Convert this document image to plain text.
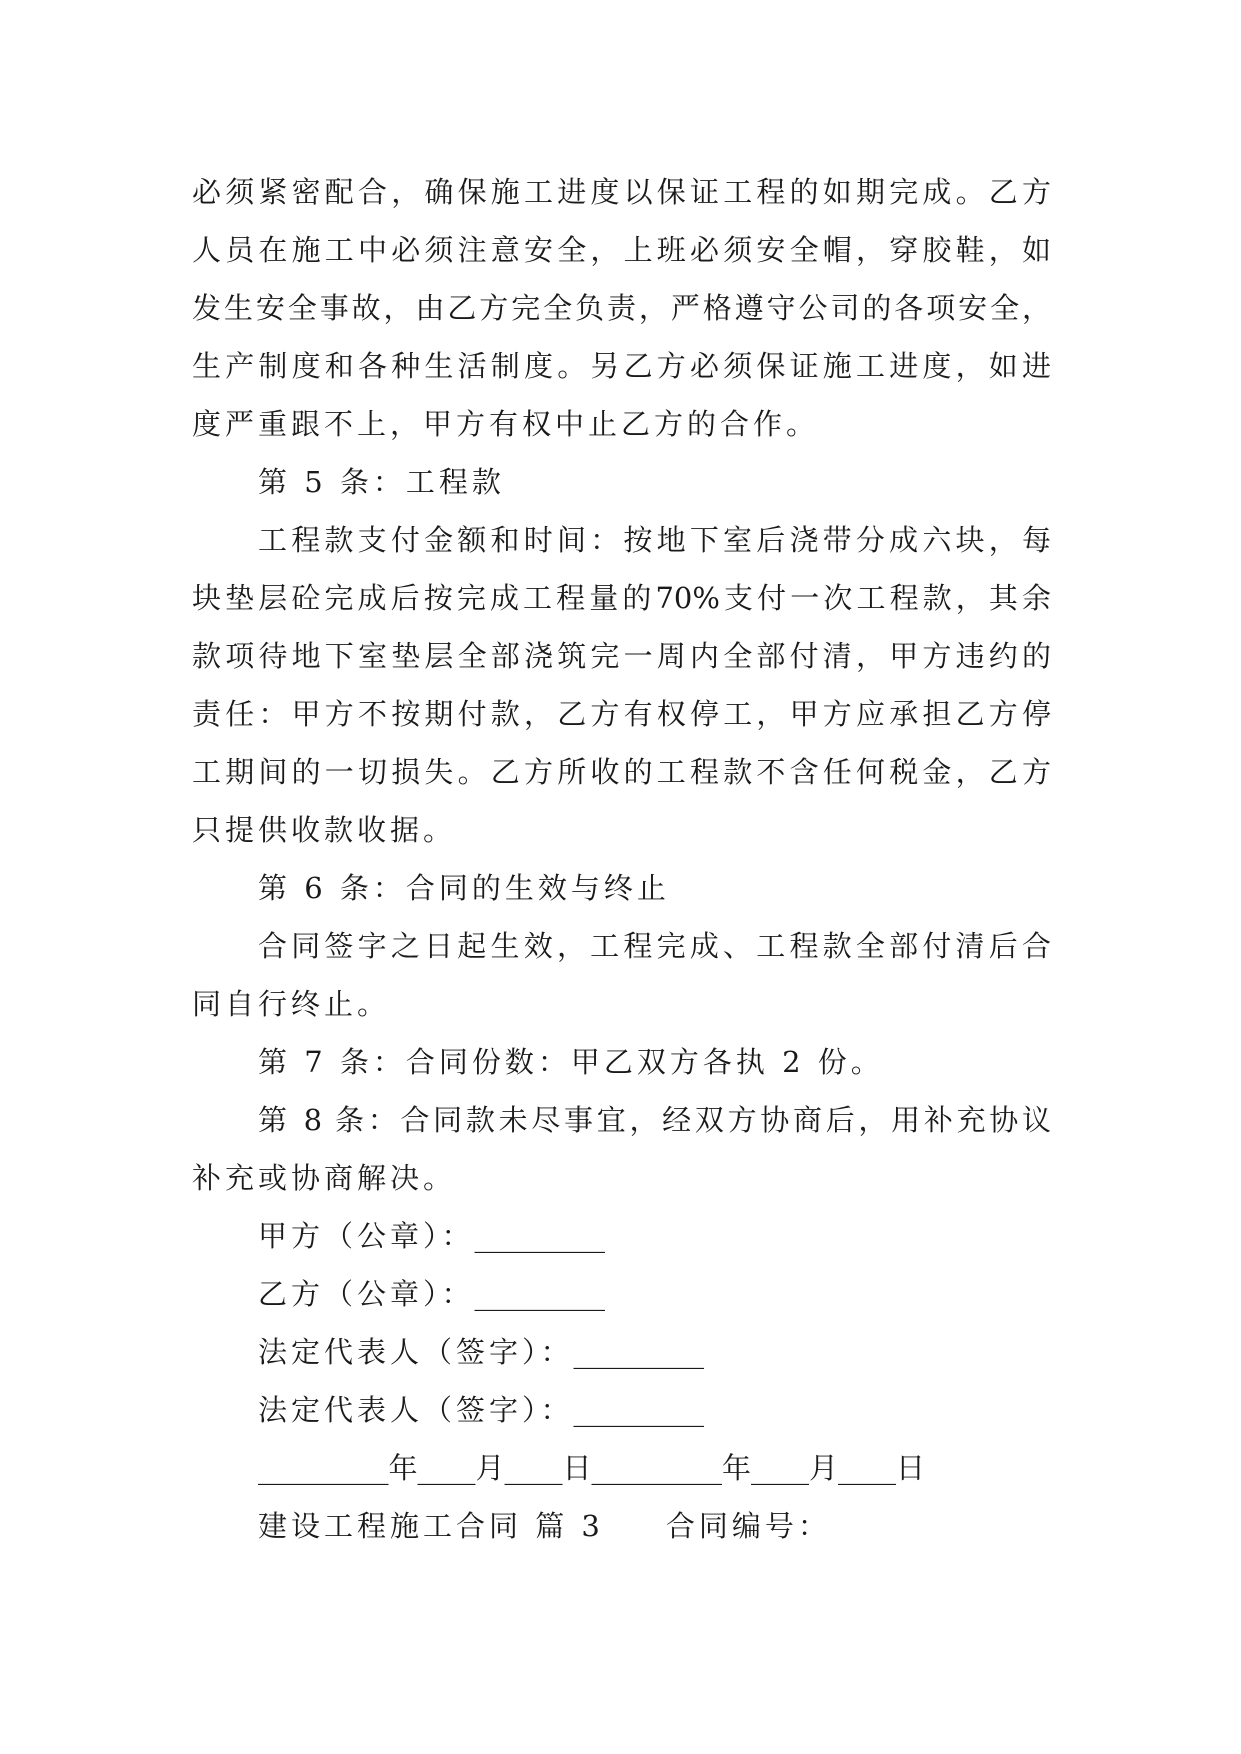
必须紧密配合，确保施工进度以保证工程的如期完成。乙方
人员在施工中必须注意安全，上班必须安全帽，穿胶鞋，如
发生安全事故，由乙方完全负责，严格遵守公司的各项安全，
生产制度和各种生活制度。另乙方必须保证施工进度，如进
度严重跟不上，甲方有权中止乙方的合作。
第 5 条：工程款
工程款支付金额和时间：按地下室后浇带分成六块，每
块垫层砼完成后按完成工程量的70%支付一次工程款，其余
款项待地下室垫层全部浇筑完一周内全部付清，甲方违约的
责任：甲方不按期付款，乙方有权停工，甲方应承担乙方停
工期间的一切损失。乙方所收的工程款不含任何税金，乙方
只提供收款收据。
第 6 条：合同的生效与终止
合同签字之日起生效，工程完成、工程款全部付清后合
同自行终止。
第 7 条：合同份数：甲乙双方各执 2 份。
第 8 条：合同款未尽事宜，经双方协商后，用补充协议
补充或协商解决。
甲方（公章）：_________
乙方（公章）：_________
法定代表人（签字）：_________
法定代表人（签字）：_________
_________年____月____日_________年____月____日
建设工程施工合同 篇 3 合同编号：
